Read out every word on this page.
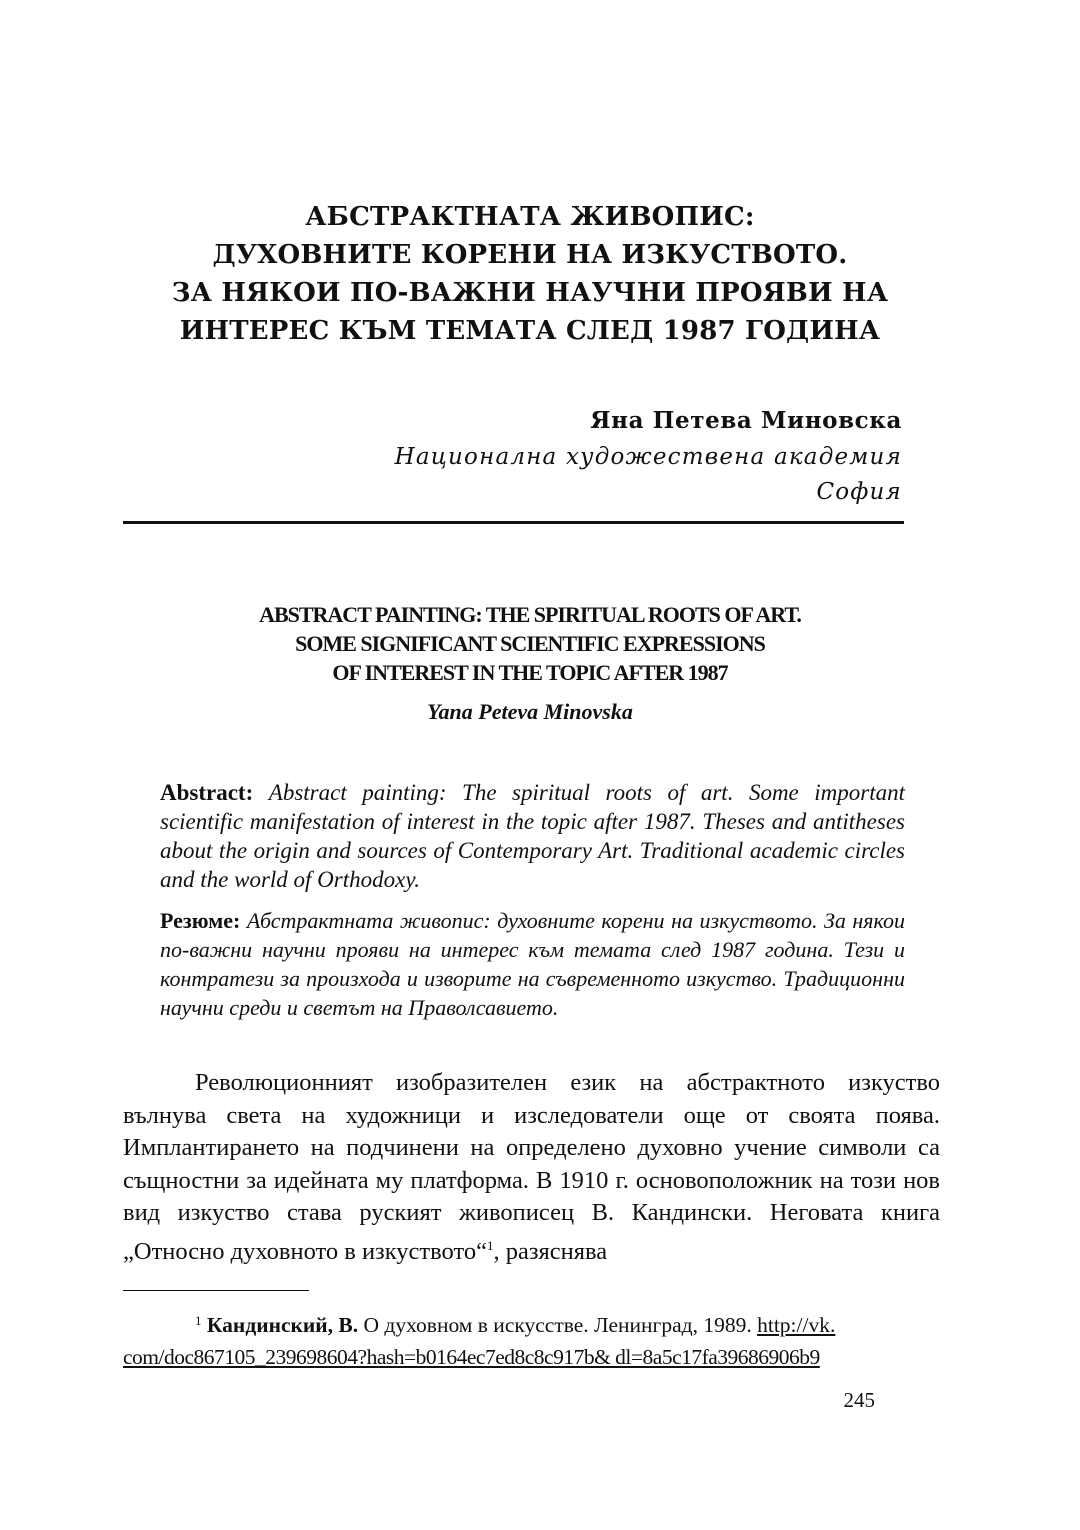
АБСТРАКТНАТА ЖИВОПИС:
ДУХОВНИТЕ КОРЕНИ НА ИЗКУСТВОТО.
ЗА НЯКОИ ПО-ВАЖНИ НАУЧНИ ПРОЯВИ НА
ИНТЕРЕС КЪМ ТЕМАТА СЛЕД 1987 ГОДИНА
Яна Петева Миновска
Национална художествена академия
София
ABSTRACT PAINTING: THE SPIRITUAL ROOTS OF ART.
SOME SIGNIFICANT SCIENTIFIC EXPRESSIONS
OF INTEREST IN THE TOPIC AFTER 1987
Yana Peteva Minovska
Abstract: Abstract painting: The spiritual roots of art. Some important scientific manifestation of interest in the topic after 1987. Theses and antitheses about the origin and sources of Contemporary Art. Traditional academic circles and the world of Orthodoxy.
Резюме: Абстрактната живопис: духовните корени на изкуството. За някои по-важни научни прояви на интерес към темата след 1987 година. Тези и контратези за произхода и изворите на съвременното изкуство. Традиционни научни среди и светът на Праволсавието.
Революционният изобразителен език на абстрактното изкуство вълнува света на художници и изследователи още от своята поява. Имплантирането на подчинени на определено духовно учение символи са същностни за идейната му платформа. В 1910 г. основоположник на този нов вид изкуство става руският живописец В. Кандински. Неговата книга „Относно духовното в изкуството“$^1$, разяснява
$^1$ Кандинский, В. О духовном в искусстве. Ленинград, 1989. http://vk.
com/doc867105_239698604?hash=b0164ec7ed8c8c917b& dl=8a5c17fa39686906b9
245
